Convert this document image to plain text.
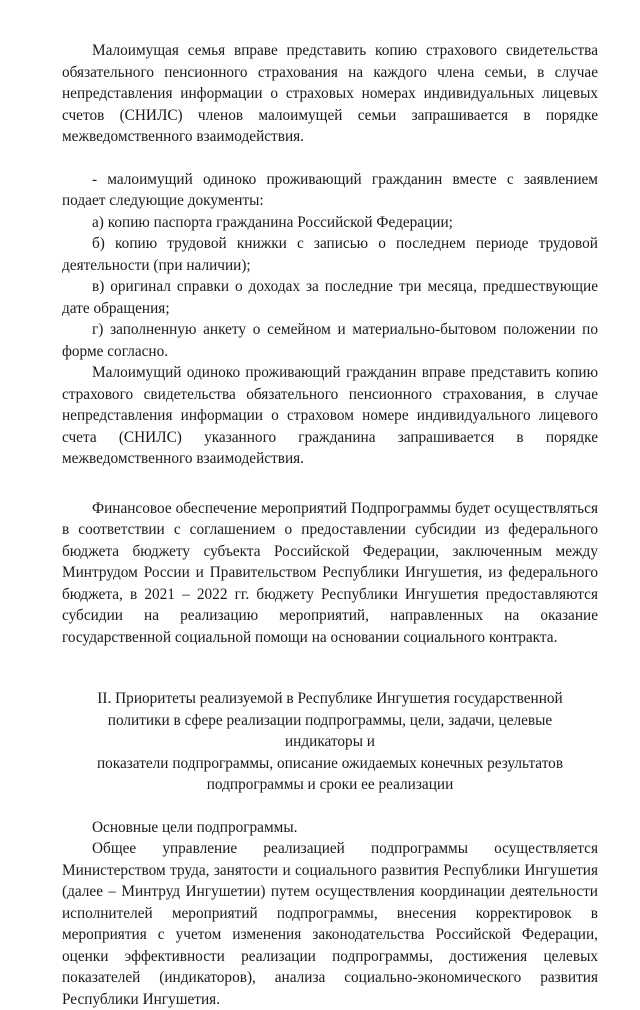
Малоимущая семья вправе представить копию страхового свидетельства обязательного пенсионного страхования на каждого члена семьи, в случае непредставления информации о страховых номерах индивидуальных лицевых счетов (СНИЛС) членов малоимущей семьи запрашивается в порядке межведомственного взаимодействия.

- малоимущий одиноко проживающий гражданин вместе с заявлением подает следующие документы:

а) копию паспорта гражданина Российской Федерации;

б) копию трудовой книжки с записью о последнем периоде трудовой деятельности (при наличии);

в) оригинал справки о доходах за последние три месяца, предшествующие дате обращения;

г) заполненную анкету о семейном и материально-бытовом положении по форме согласно.

Малоимущий одиноко проживающий гражданин вправе представить копию страхового свидетельства обязательного пенсионного страхования, в случае непредставления информации о страховом номере индивидуального лицевого счета (СНИЛС) указанного гражданина запрашивается в порядке межведомственного взаимодействия.

Финансовое обеспечение мероприятий Подпрограммы будет осуществляться в соответствии с соглашением о предоставлении субсидии из федерального бюджета бюджету субъекта Российской Федерации, заключенным между Минтрудом России и Правительством Республики Ингушетия, из федерального бюджета, в 2021 – 2022 гг. бюджету Республики Ингушетия предоставляются субсидии на реализацию мероприятий, направленных на оказание государственной социальной помощи на основании социального контракта.

II. Приоритеты реализуемой в Республике Ингушетия государственной
политики в сфере реализации подпрограммы, цели, задачи, целевые индикаторы и
показатели подпрограммы, описание ожидаемых конечных результатов
подпрограммы и сроки ее реализации

Основные цели подпрограммы.

Общее управление реализацией подпрограммы осуществляется Министерством труда, занятости и социального развития Республики Ингушетия (далее – Минтруд Ингушетии) путем осуществления координации деятельности исполнителей мероприятий подпрограммы, внесения корректировок в мероприятия с учетом изменения законодательства Российской Федерации, оценки эффективности реализации подпрограммы, достижения целевых показателей (индикаторов), анализа социально-экономического развития Республики Ингушетия.
